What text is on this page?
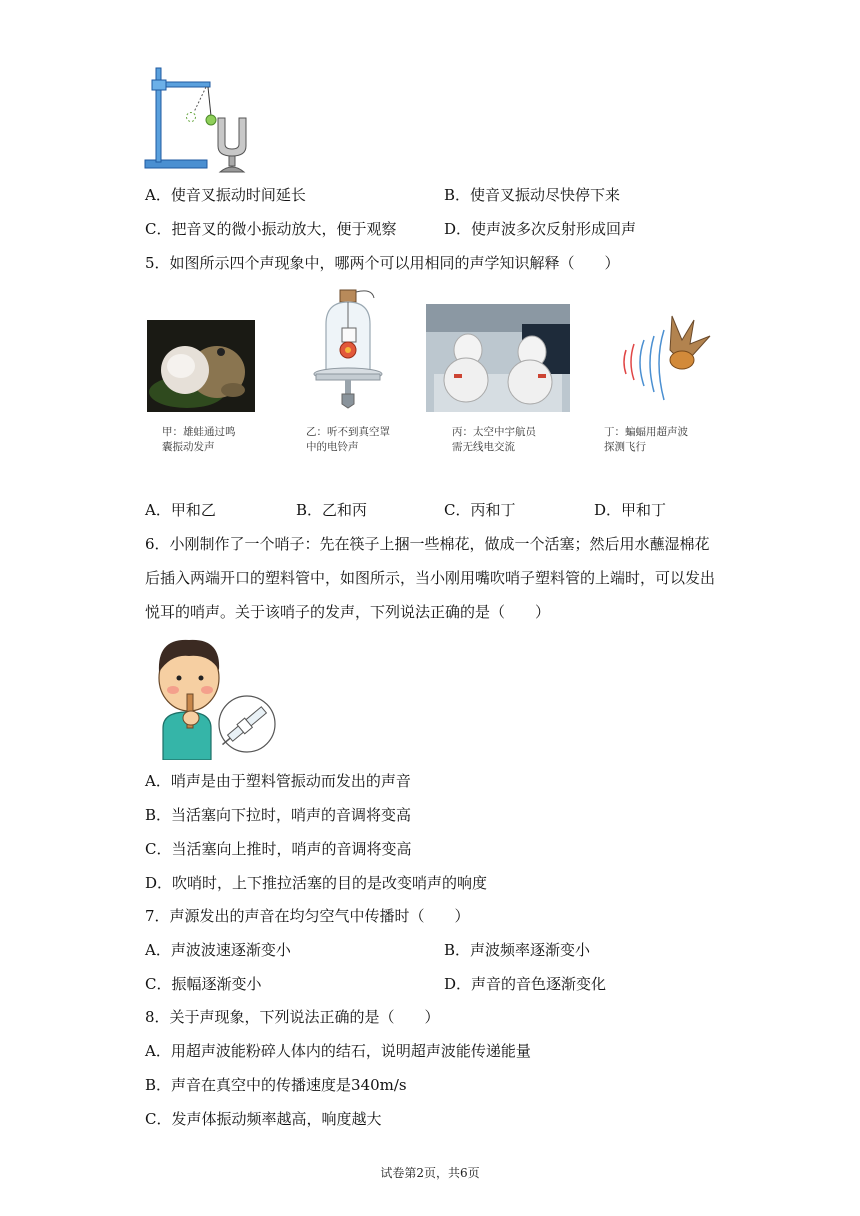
A．使音叉振动时间延长	B．使音叉振动尽快停下来
C．把音叉的微小振动放大，便于观察	D．使声波多次反射形成回声
5．如图所示四个声现象中，哪两个可以用相同的声学知识解释（　　）
甲：雄蛙通过鸣
囊振动发声
乙：听不到真空罩
中的电铃声
丙：太空中宇航员
需无线电交流
丁：蝙蝠用超声波
探测飞行
A．甲和乙	B．乙和丙	C．丙和丁	D．甲和丁
6．小刚制作了一个哨子：先在筷子上捆一些棉花，做成一个活塞；然后用水蘸湿棉花
后插入两端开口的塑料管中，如图所示，当小刚用嘴吹哨子塑料管的上端时，可以发出
悦耳的哨声。关于该哨子的发声，下列说法正确的是（　　）
A．哨声是由于塑料管振动而发出的声音
B．当活塞向下拉时，哨声的音调将变高
C．当活塞向上推时，哨声的音调将变高
D．吹哨时，上下推拉活塞的目的是改变哨声的响度
7．声源发出的声音在均匀空气中传播时（　　）
A．声波波速逐渐变小	B．声波频率逐渐变小
C．振幅逐渐变小	D．声音的音色逐渐变化
8．关于声现象，下列说法正确的是（　　）
A．用超声波能粉碎人体内的结石，说明超声波能传递能量
B．声音在真空中的传播速度是340m/s
C．发声体振动频率越高，响度越大
试卷第2页，共6页
